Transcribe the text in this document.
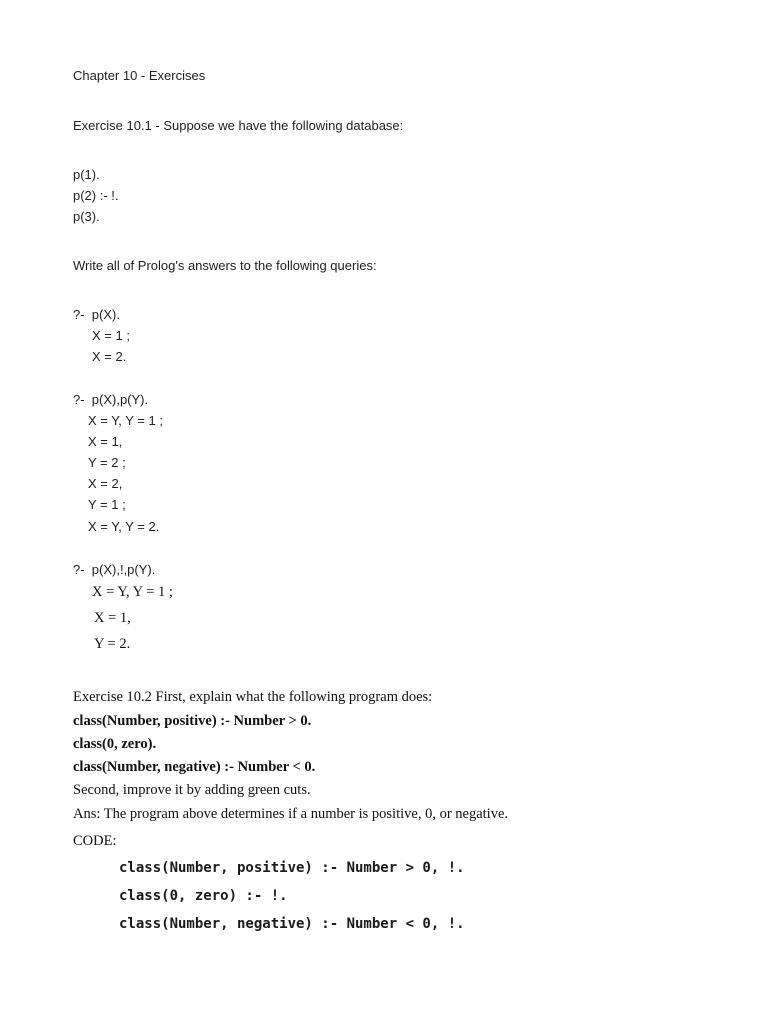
Chapter 10 - Exercises
Exercise 10.1 - Suppose we have the following database:
p(1).
p(2) :- !.
p(3).
Write all of Prolog's answers to the following queries:
?-  p(X).
X = 1 ;
X = 2.
?-  p(X),p(Y).
X = Y, Y = 1 ;
X = 1,
Y = 2 ;
X = 2,
Y = 1 ;
X = Y, Y = 2.
?-  p(X),!,p(Y).
X = Y, Y = 1 ;
X = 1,
Y = 2.
Exercise 10.2 First, explain what the following program does:
class(Number, positive) :- Number > 0.
class(0, zero).
class(Number, negative) :- Number < 0.
Second, improve it by adding green cuts.
Ans: The program above determines if a number is positive, 0, or negative.
CODE:
class(Number, positive) :- Number > 0, !.
class(0, zero) :- !.
class(Number, negative) :- Number < 0, !.
